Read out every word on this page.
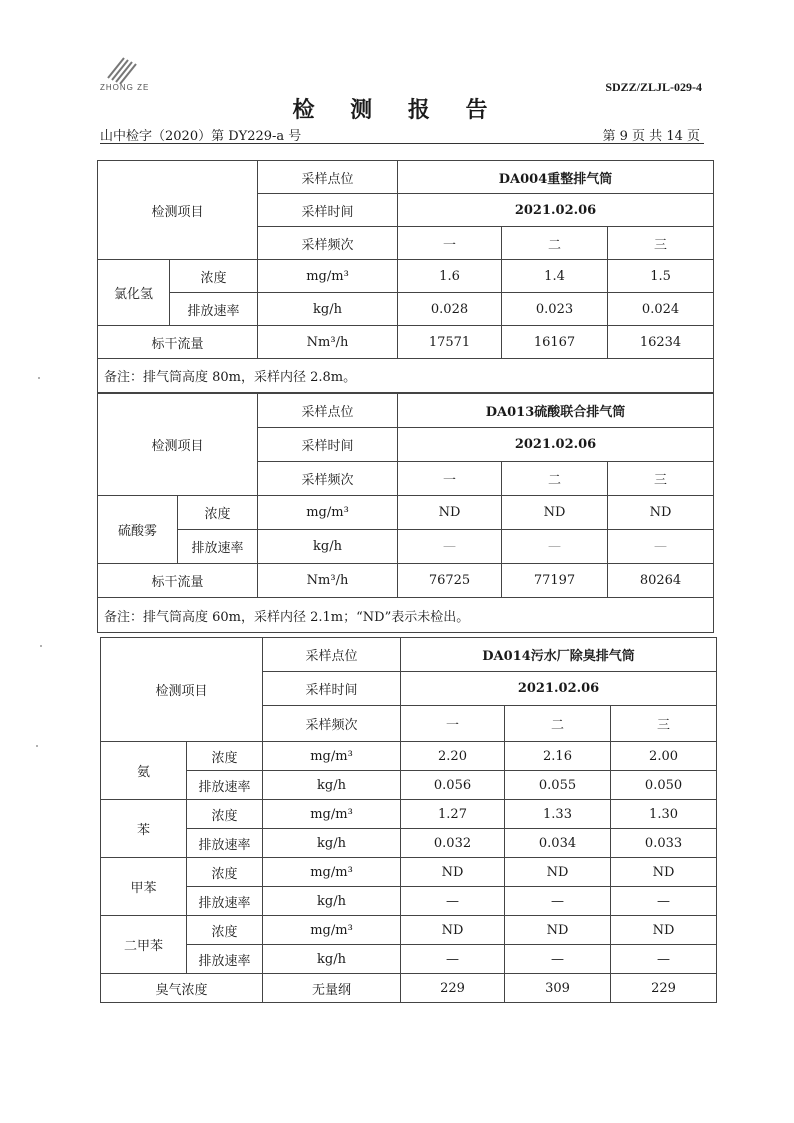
ZHONG ZE	SDZZ/ZLJL-029-4
检 测 报 告
山中检字（2020）第 DY229-a 号	第 9 页 共 14 页
检测项目		采样点位	DA004重整排气筒		
		采样时间	2021.02.06		
		采样频次	一	二	三
氯化氢	浓度	mg/m³	1.6	1.4	1.5
	排放速率	kg/h	0.028	0.023	0.024
标干流量		Nm³/h	17571	16167	16234
备注：排气筒高度 80m，采样内径 2.8m。					
检测项目		采样点位	DA013硫酸联合排气筒		
		采样时间	2021.02.06		
		采样频次	一	二	三
硫酸雾	浓度	mg/m³	ND	ND	ND
	排放速率	kg/h	—	—	—
标干流量		Nm³/h	76725	77197	80264
备注：排气筒高度 60m，采样内径 2.1m；“ND”表示未检出。					
检测项目		采样点位	DA014污水厂除臭排气筒		
		采样时间	2021.02.06		
		采样频次	一	二	三
氨	浓度	mg/m³	2.20	2.16	2.00
	排放速率	kg/h	0.056	0.055	0.050
苯	浓度	mg/m³	1.27	1.33	1.30
	排放速率	kg/h	0.032	0.034	0.033
甲苯	浓度	mg/m³	ND	ND	ND
	排放速率	kg/h	—	—	—
二甲苯	浓度	mg/m³	ND	ND	ND
	排放速率	kg/h	—	—	—
臭气浓度		无量纲	229	309	229
